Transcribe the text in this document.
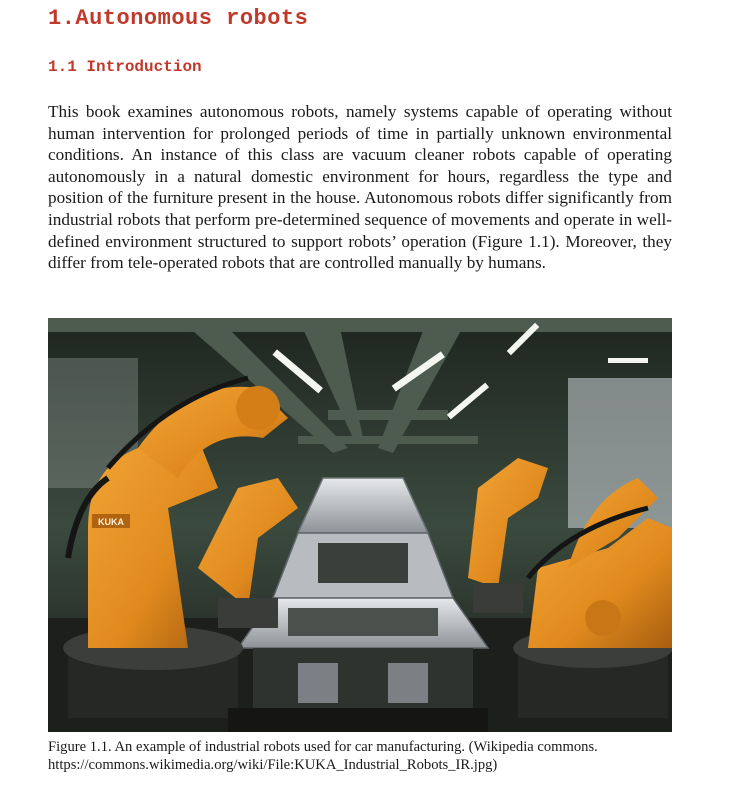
1.Autonomous robots
1.1 Introduction

This book examines autonomous robots, namely systems capable of operating without human intervention for prolonged periods of time in partially unknown environmental conditions. An instance of this class are vacuum cleaner robots capable of operating autonomously in a natural domestic environment for hours, regardless the type and position of the furniture present in the house. Autonomous robots differ significantly from industrial robots that perform pre-determined sequence of movements and operate in well-defined environment structured to support robots’ operation (Figure 1.1). Moreover, they differ from tele-operated robots that are controlled manually by humans.

KUKA

Figure 1.1. An example of industrial robots used for car manufacturing. (Wikipedia commons.
https://commons.wikimedia.org/wiki/File:KUKA_Industrial_Robots_IR.jpg)
